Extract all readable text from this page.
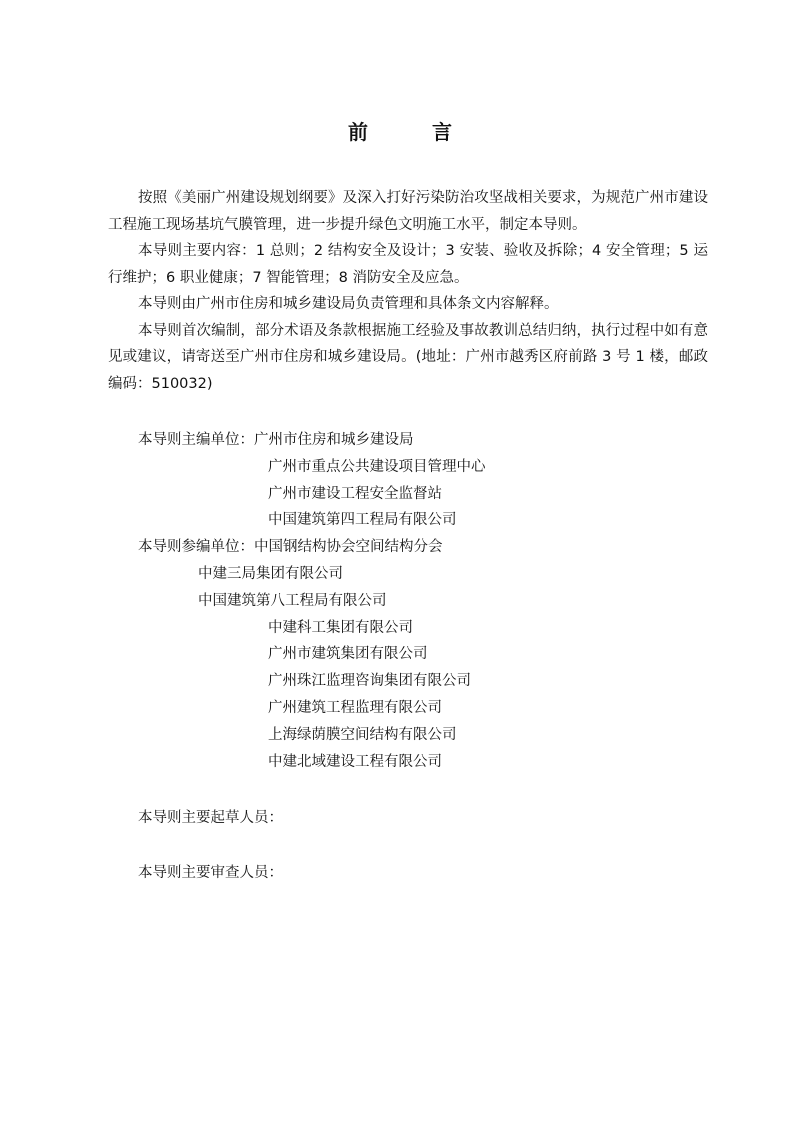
前　言

按照《美丽广州建设规划纲要》及深入打好污染防治攻坚战相关要求，为规范广州市建设工程施工现场基坑气膜管理，进一步提升绿色文明施工水平，制定本导则。

本导则主要内容：1 总则；2 结构安全及设计；3 安装、验收及拆除；4 安全管理；5 运行维护；6 职业健康；7 智能管理；8 消防安全及应急。

本导则由广州市住房和城乡建设局负责管理和具体条文内容解释。

本导则首次编制，部分术语及条款根据施工经验及事故教训总结归纳，执行过程中如有意见或建议，请寄送至广州市住房和城乡建设局。(地址：广州市越秀区府前路 3 号 1 楼，邮政编码：510032)

本导则主编单位：广州市住房和城乡建设局
广州市重点公共建设项目管理中心
广州市建设工程安全监督站
中国建筑第四工程局有限公司
本导则参编单位：中国钢结构协会空间结构分会
中建三局集团有限公司
中国建筑第八工程局有限公司
中建科工集团有限公司
广州市建筑集团有限公司
广州珠江监理咨询集团有限公司
广州建筑工程监理有限公司
上海绿荫膜空间结构有限公司
中建北域建设工程有限公司
本导则主要起草人员：
本导则主要审查人员：
